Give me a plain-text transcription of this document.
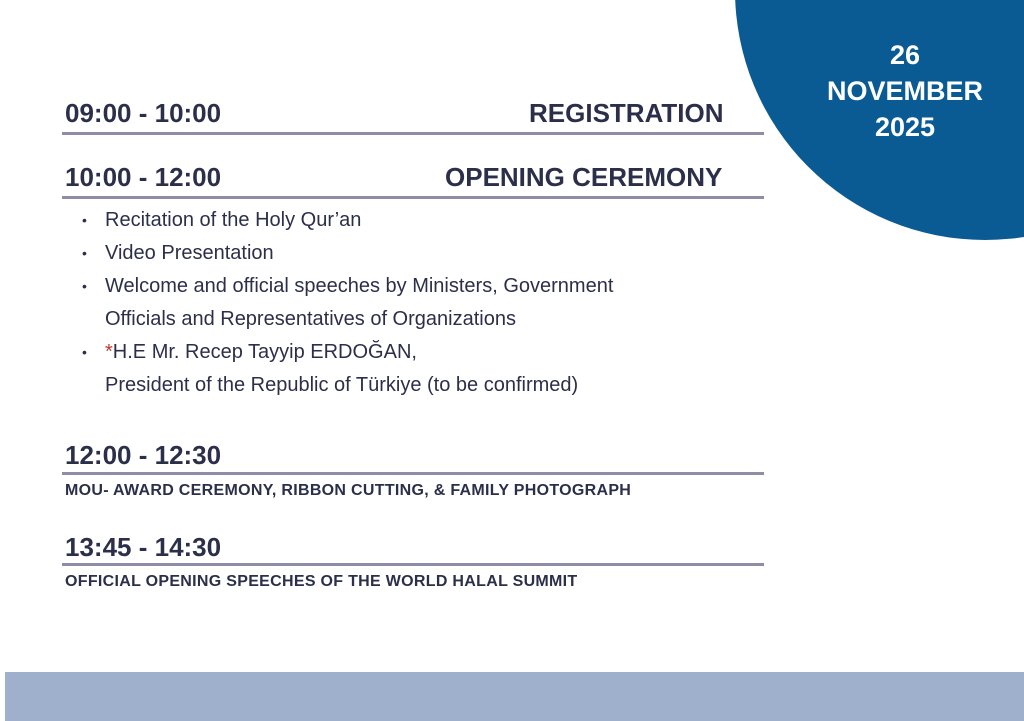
26
NOVEMBER
2025
09:00 - 10:00	REGISTRATION
10:00 - 12:00	OPENING CEREMONY
• Recitation of the Holy Qur’an
• Video Presentation
• Welcome and official speeches by Ministers, Government
Officials and Representatives of Organizations
• *H.E Mr. Recep Tayyip ERDOĞAN,
President of the Republic of Türkiye (to be confirmed)
12:00 - 12:30
MOU- AWARD CEREMONY, RIBBON CUTTING, & FAMILY PHOTOGRAPH
13:45 - 14:30
OFFICIAL OPENING SPEECHES OF THE WORLD HALAL SUMMIT
